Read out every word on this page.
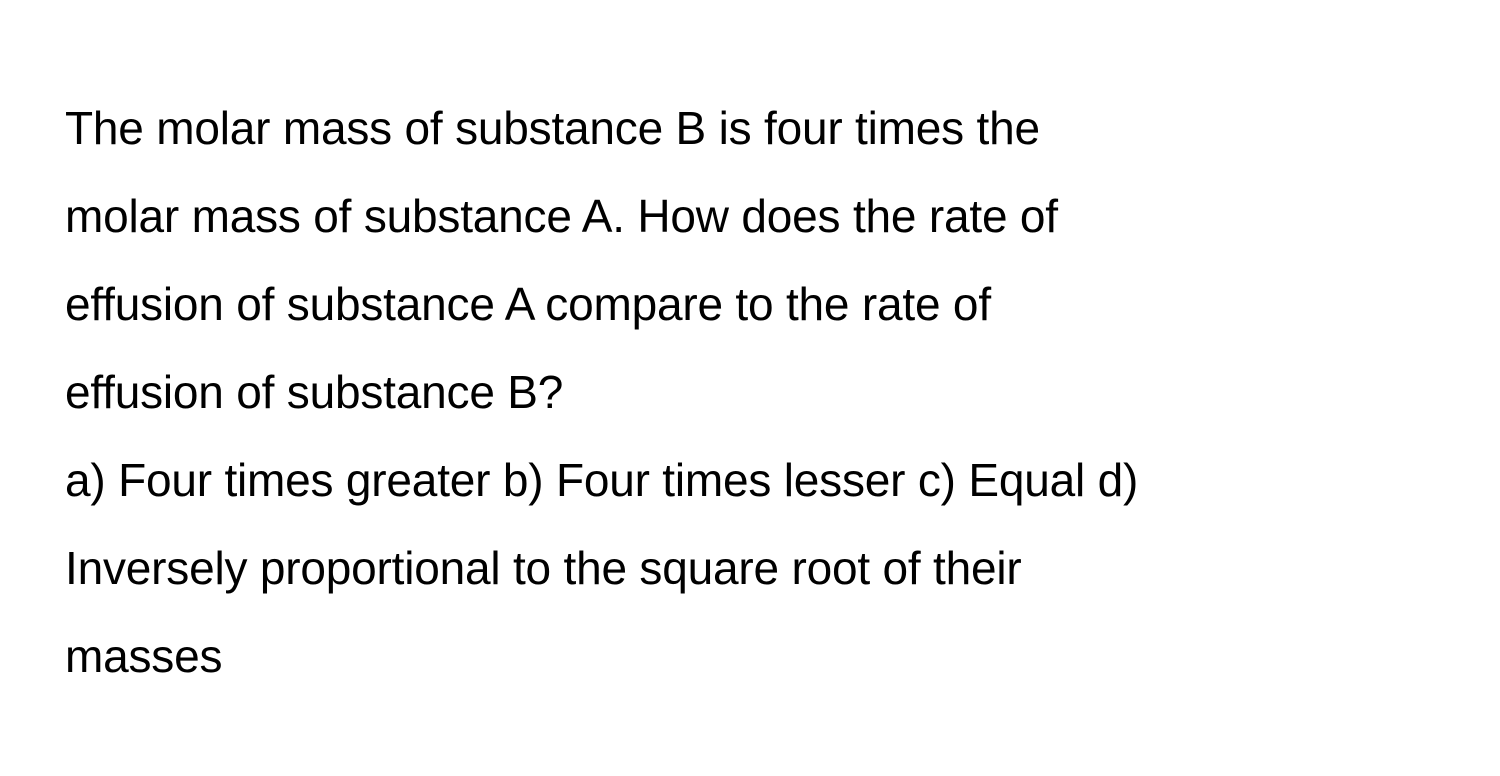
The molar mass of substance B is four times the
molar mass of substance A. How does the rate of
effusion of substance A compare to the rate of
effusion of substance B?

a) Four times greater b) Four times lesser c) Equal d)
Inversely proportional to the square root of their
masses
